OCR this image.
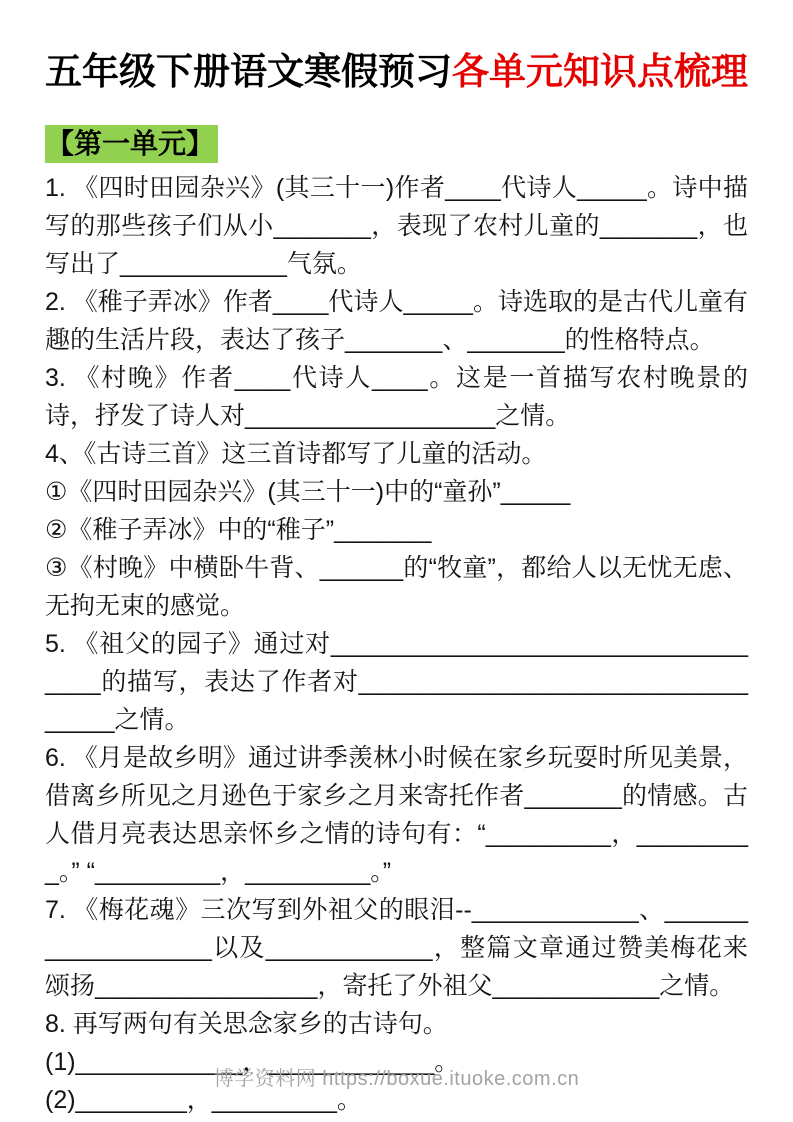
五年级下册语文寒假预习各单元知识点梳理
【第一单元】

1. 《四时田园杂兴》(其三十一)作者____代诗人_____。诗中描写的那些孩子们从小_______，表现了农村儿童的_______，也写出了____________气氛。

2. 《稚子弄冰》作者____代诗人_____。诗选取的是古代儿童有趣的生活片段，表达了孩子_______、_______的性格特点。

3. 《村晚》作者____代诗人____。这是一首描写农村晚景的诗，抒发了诗人对__________________之情。

4、《古诗三首》这三首诗都写了儿童的活动。

①《四时田园杂兴》(其三十一)中的“童孙”_____

②《稚子弄冰》中的“稚子”_______

③《村晚》中横卧牛背、______的“牧童”，都给人以无忧无虑、无拘无束的感觉。

5. 《祖父的园子》通过对__________________________________的描写，表达了作者对_________________________________之情。

6. 《月是故乡明》通过讲季羡林小时候在家乡玩耍时所见美景，借离乡所见之月逊色于家乡之月来寄托作者_______的情感。古人借月亮表达思亲怀乡之情的诗句有：“_________，_________。” “_________，_________。”

7. 《梅花魂》三次写到外祖父的眼泪--____________、__________________以及____________，整篇文章通过赞美梅花来颂扬________________，寄托了外祖父____________之情。

8. 再写两句有关思念家乡的古诗句。

(1)____________，____________。

(2)________，_________。

博学资料网 https://boxue.ituoke.com.cn
